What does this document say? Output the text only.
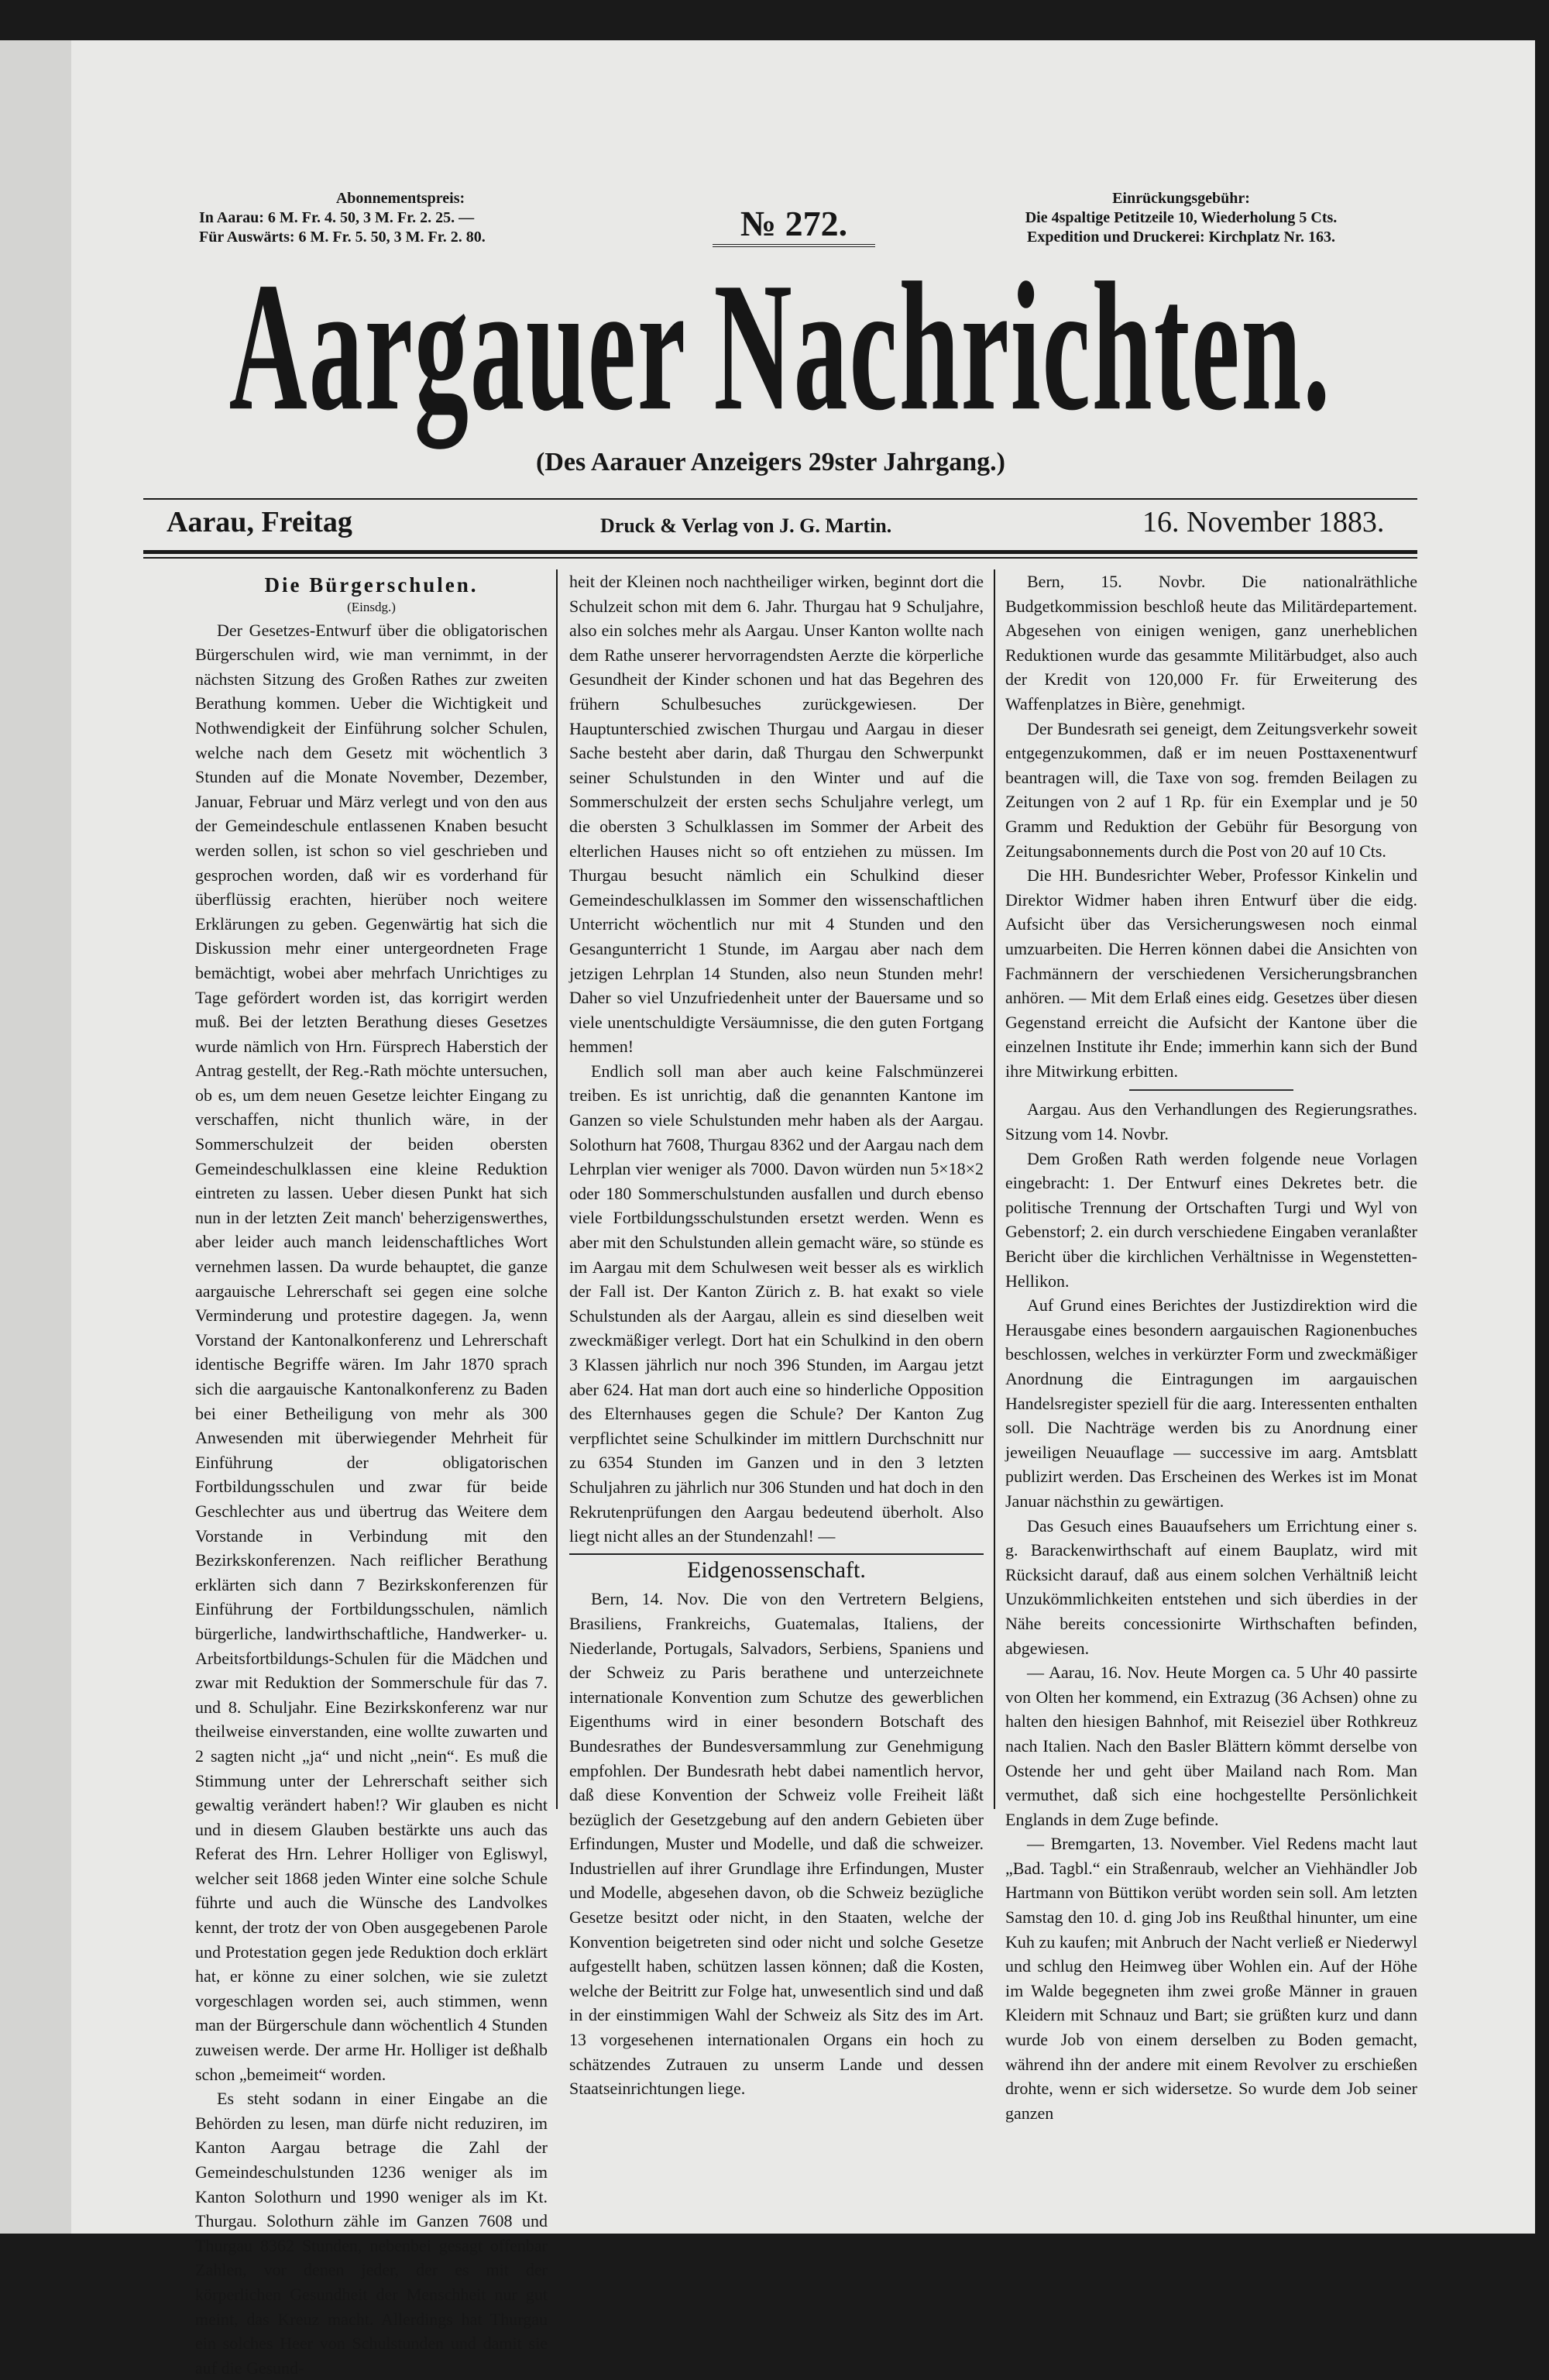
Abonnementspreis:
In Aarau: 6 M. Fr. 4. 50, 3 M. Fr. 2. 25. —
Für Auswärts: 6 M. Fr. 5. 50, 3 M. Fr. 2. 80.	№ 272.
Einrückungsgebühr:
Die 4spaltige Petitzeile 10, Wiederholung 5 Cts.
Expedition und Druckerei: Kirchplatz Nr. 163.
Aargauer Nachrichten.
(Des Aarauer Anzeigers 29ster Jahrgang.)
Aarau, Freitag	Druck & Verlag von J. G. Martin.	16. November 1883.
Die Bürgerschulen.
(Einsdg.)

Der Gesetzes-Entwurf über die obligatorischen Bürgerschulen wird, wie man vernimmt, in der nächsten Sitzung des Großen Rathes zur zweiten Berathung kommen. Ueber die Wichtigkeit und Nothwendigkeit der Einführung solcher Schulen, welche nach dem Gesetz mit wöchentlich 3 Stunden auf die Monate November, Dezember, Januar, Februar und März verlegt und von den aus der Gemeindeschule entlassenen Knaben besucht werden sollen, ist schon so viel geschrieben und gesprochen worden, daß wir es vorderhand für überflüssig erachten, hierüber noch weitere Erklärungen zu geben. Gegenwärtig hat sich die Diskussion mehr einer untergeordneten Frage bemächtigt, wobei aber mehrfach Unrichtiges zu Tage gefördert worden ist, das korrigirt werden muß. Bei der letzten Berathung dieses Gesetzes wurde nämlich von Hrn. Fürsprech Haberstich der Antrag gestellt, der Reg.-Rath möchte untersuchen, ob es, um dem neuen Gesetze leichter Eingang zu verschaffen, nicht thunlich wäre, in der Sommerschulzeit der beiden obersten Gemeindeschulklassen eine kleine Reduktion eintreten zu lassen. Ueber diesen Punkt hat sich nun in der letzten Zeit manch' beherzigenswerthes, aber leider auch manch leidenschaftliches Wort vernehmen lassen. Da wurde behauptet, die ganze aargauische Lehrerschaft sei gegen eine solche Verminderung und protestire dagegen. Ja, wenn Vorstand der Kantonalkonferenz und Lehrerschaft identische Begriffe wären. Im Jahr 1870 sprach sich die aargauische Kantonalkonferenz zu Baden bei einer Betheiligung von mehr als 300 Anwesenden mit überwiegender Mehrheit für Einführung der obligatorischen Fortbildungsschulen und zwar für beide Geschlechter aus und übertrug das Weitere dem Vorstande in Verbindung mit den Bezirkskonferenzen. Nach reiflicher Berathung erklärten sich dann 7 Bezirkskonferenzen für Einführung der Fortbildungsschulen, nämlich bürgerliche, landwirthschaftliche, Handwerker- u. Arbeitsfortbildungs-Schulen für die Mädchen und zwar mit Reduktion der Sommerschule für das 7. und 8. Schuljahr. Eine Bezirkskonferenz war nur theilweise einverstanden, eine wollte zuwarten und 2 sagten nicht „ja“ und nicht „nein“. Es muß die Stimmung unter der Lehrerschaft seither sich gewaltig verändert haben!? Wir glauben es nicht und in diesem Glauben bestärkte uns auch das Referat des Hrn. Lehrer Holliger von Egliswyl, welcher seit 1868 jeden Winter eine solche Schule führte und auch die Wünsche des Landvolkes kennt, der trotz der von Oben ausgegebenen Parole und Protestation gegen jede Reduktion doch erklärt hat, er könne zu einer solchen, wie sie zuletzt vorgeschlagen worden sei, auch stimmen, wenn man der Bürgerschule dann wöchentlich 4 Stunden zuweisen werde. Der arme Hr. Holliger ist deßhalb schon „bemeimeit“ worden.

Es steht sodann in einer Eingabe an die Behörden zu lesen, man dürfe nicht reduziren, im Kanton Aargau betrage die Zahl der Gemeindeschulstunden 1236 weniger als im Kanton Solothurn und 1990 weniger als im Kt. Thurgau. Solothurn zähle im Ganzen 7608 und Thurgau 8362 Stunden, nebenbei gesagt offenbar Zahlen, vor denen jeder, der es mit der körperlichen Gesundheit der Menschheit nur gut meint, das Kreuz macht. Allerdings hat Thurgau ein solches Heer von Schulstunden und damit sie auf die Gesund-

heit der Kleinen noch nachtheiliger wirken, beginnt dort die Schulzeit schon mit dem 6. Jahr. Thurgau hat 9 Schuljahre, also ein solches mehr als Aargau. Unser Kanton wollte nach dem Rathe unserer hervorragendsten Aerzte die körperliche Gesundheit der Kinder schonen und hat das Begehren des frühern Schulbesuches zurückgewiesen. Der Hauptunterschied zwischen Thurgau und Aargau in dieser Sache besteht aber darin, daß Thurgau den Schwerpunkt seiner Schulstunden in den Winter und auf die Sommerschulzeit der ersten sechs Schuljahre verlegt, um die obersten 3 Schulklassen im Sommer der Arbeit des elterlichen Hauses nicht so oft entziehen zu müssen. Im Thurgau besucht nämlich ein Schulkind dieser Gemeindeschulklassen im Sommer den wissenschaftlichen Unterricht wöchentlich nur mit 4 Stunden und den Gesangunterricht 1 Stunde, im Aargau aber nach dem jetzigen Lehrplan 14 Stunden, also neun Stunden mehr! Daher so viel Unzufriedenheit unter der Bauersame und so viele unentschuldigte Versäumnisse, die den guten Fortgang hemmen!

Endlich soll man aber auch keine Falschmünzerei treiben. Es ist unrichtig, daß die genannten Kantone im Ganzen so viele Schulstunden mehr haben als der Aargau. Solothurn hat 7608, Thurgau 8362 und der Aargau nach dem Lehrplan vier weniger als 7000. Davon würden nun 5×18×2 oder 180 Sommerschulstunden ausfallen und durch ebenso viele Fortbildungsschulstunden ersetzt werden. Wenn es aber mit den Schulstunden allein gemacht wäre, so stünde es im Aargau mit dem Schulwesen weit besser als es wirklich der Fall ist. Der Kanton Zürich z. B. hat exakt so viele Schulstunden als der Aargau, allein es sind dieselben weit zweckmäßiger verlegt. Dort hat ein Schulkind in den obern 3 Klassen jährlich nur noch 396 Stunden, im Aargau jetzt aber 624. Hat man dort auch eine so hinderliche Opposition des Elternhauses gegen die Schule? Der Kanton Zug verpflichtet seine Schulkinder im mittlern Durchschnitt nur zu 6354 Stunden im Ganzen und in den 3 letzten Schuljahren zu jährlich nur 306 Stunden und hat doch in den Rekrutenprüfungen den Aargau bedeutend überholt. Also liegt nicht alles an der Stundenzahl! —

Eidgenossenschaft.

Bern, 14. Nov. Die von den Vertretern Belgiens, Brasiliens, Frankreichs, Guatemalas, Italiens, der Niederlande, Portugals, Salvadors, Serbiens, Spaniens und der Schweiz zu Paris berathene und unterzeichnete internationale Konvention zum Schutze des gewerblichen Eigenthums wird in einer besondern Botschaft des Bundesrathes der Bundesversammlung zur Genehmigung empfohlen. Der Bundesrath hebt dabei namentlich hervor, daß diese Konvention der Schweiz volle Freiheit läßt bezüglich der Gesetzgebung auf den andern Gebieten über Erfindungen, Muster und Modelle, und daß die schweizer. Industriellen auf ihrer Grundlage ihre Erfindungen, Muster und Modelle, abgesehen davon, ob die Schweiz bezügliche Gesetze besitzt oder nicht, in den Staaten, welche der Konvention beigetreten sind oder nicht und solche Gesetze aufgestellt haben, schützen lassen können; daß die Kosten, welche der Beitritt zur Folge hat, unwesentlich sind und daß in der einstimmigen Wahl der Schweiz als Sitz des im Art. 13 vorgesehenen internationalen Organs ein hoch zu schätzendes Zutrauen zu unserm Lande und dessen Staatseinrichtungen liege.

Bern, 15. Novbr. Die nationalräthliche Budgetkommission beschloß heute das Militärdepartement. Abgesehen von einigen wenigen, ganz unerheblichen Reduktionen wurde das gesammte Militärbudget, also auch der Kredit von 120,000 Fr. für Erweiterung des Waffenplatzes in Bière, genehmigt.

Der Bundesrath sei geneigt, dem Zeitungsverkehr soweit entgegenzukommen, daß er im neuen Posttaxenentwurf beantragen will, die Taxe von sog. fremden Beilagen zu Zeitungen von 2 auf 1 Rp. für ein Exemplar und je 50 Gramm und Reduktion der Gebühr für Besorgung von Zeitungsabonnements durch die Post von 20 auf 10 Cts.

Die HH. Bundesrichter Weber, Professor Kinkelin und Direktor Widmer haben ihren Entwurf über die eidg. Aufsicht über das Versicherungswesen noch einmal umzuarbeiten. Die Herren können dabei die Ansichten von Fachmännern der verschiedenen Versicherungsbranchen anhören. — Mit dem Erlaß eines eidg. Gesetzes über diesen Gegenstand erreicht die Aufsicht der Kantone über die einzelnen Institute ihr Ende; immerhin kann sich der Bund ihre Mitwirkung erbitten.

Aargau. Aus den Verhandlungen des Regierungsrathes. Sitzung vom 14. Novbr.

Dem Großen Rath werden folgende neue Vorlagen eingebracht: 1. Der Entwurf eines Dekretes betr. die politische Trennung der Ortschaften Turgi und Wyl von Gebenstorf; 2. ein durch verschiedene Eingaben veranlaßter Bericht über die kirchlichen Verhältnisse in Wegenstetten-Hellikon.

Auf Grund eines Berichtes der Justizdirektion wird die Herausgabe eines besondern aargauischen Ragionenbuches beschlossen, welches in verkürzter Form und zweckmäßiger Anordnung die Eintragungen im aargauischen Handelsregister speziell für die aarg. Interessenten enthalten soll. Die Nachträge werden bis zu Anordnung einer jeweiligen Neuauflage — successive im aarg. Amtsblatt publizirt werden. Das Erscheinen des Werkes ist im Monat Januar nächsthin zu gewärtigen.

Das Gesuch eines Bauaufsehers um Errichtung einer s. g. Barackenwirthschaft auf einem Bauplatz, wird mit Rücksicht darauf, daß aus einem solchen Verhältniß leicht Unzukömmlichkeiten entstehen und sich überdies in der Nähe bereits concessionirte Wirthschaften befinden, abgewiesen.

— Aarau, 16. Nov. Heute Morgen ca. 5 Uhr 40 passirte von Olten her kommend, ein Extrazug (36 Achsen) ohne zu halten den hiesigen Bahnhof, mit Reiseziel über Rothkreuz nach Italien. Nach den Basler Blättern kömmt derselbe von Ostende her und geht über Mailand nach Rom. Man vermuthet, daß sich eine hochgestellte Persönlichkeit Englands in dem Zuge befinde.

— Bremgarten, 13. November. Viel Redens macht laut „Bad. Tagbl.“ ein Straßenraub, welcher an Viehhändler Job Hartmann von Büttikon verübt worden sein soll. Am letzten Samstag den 10. d. ging Job ins Reußthal hinunter, um eine Kuh zu kaufen; mit Anbruch der Nacht verließ er Niederwyl und schlug den Heimweg über Wohlen ein. Auf der Höhe im Walde begegneten ihm zwei große Männer in grauen Kleidern mit Schnauz und Bart; sie grüßten kurz und dann wurde Job von einem derselben zu Boden gemacht, während ihn der andere mit einem Revolver zu erschießen drohte, wenn er sich widersetze. So wurde dem Job seiner ganzen
